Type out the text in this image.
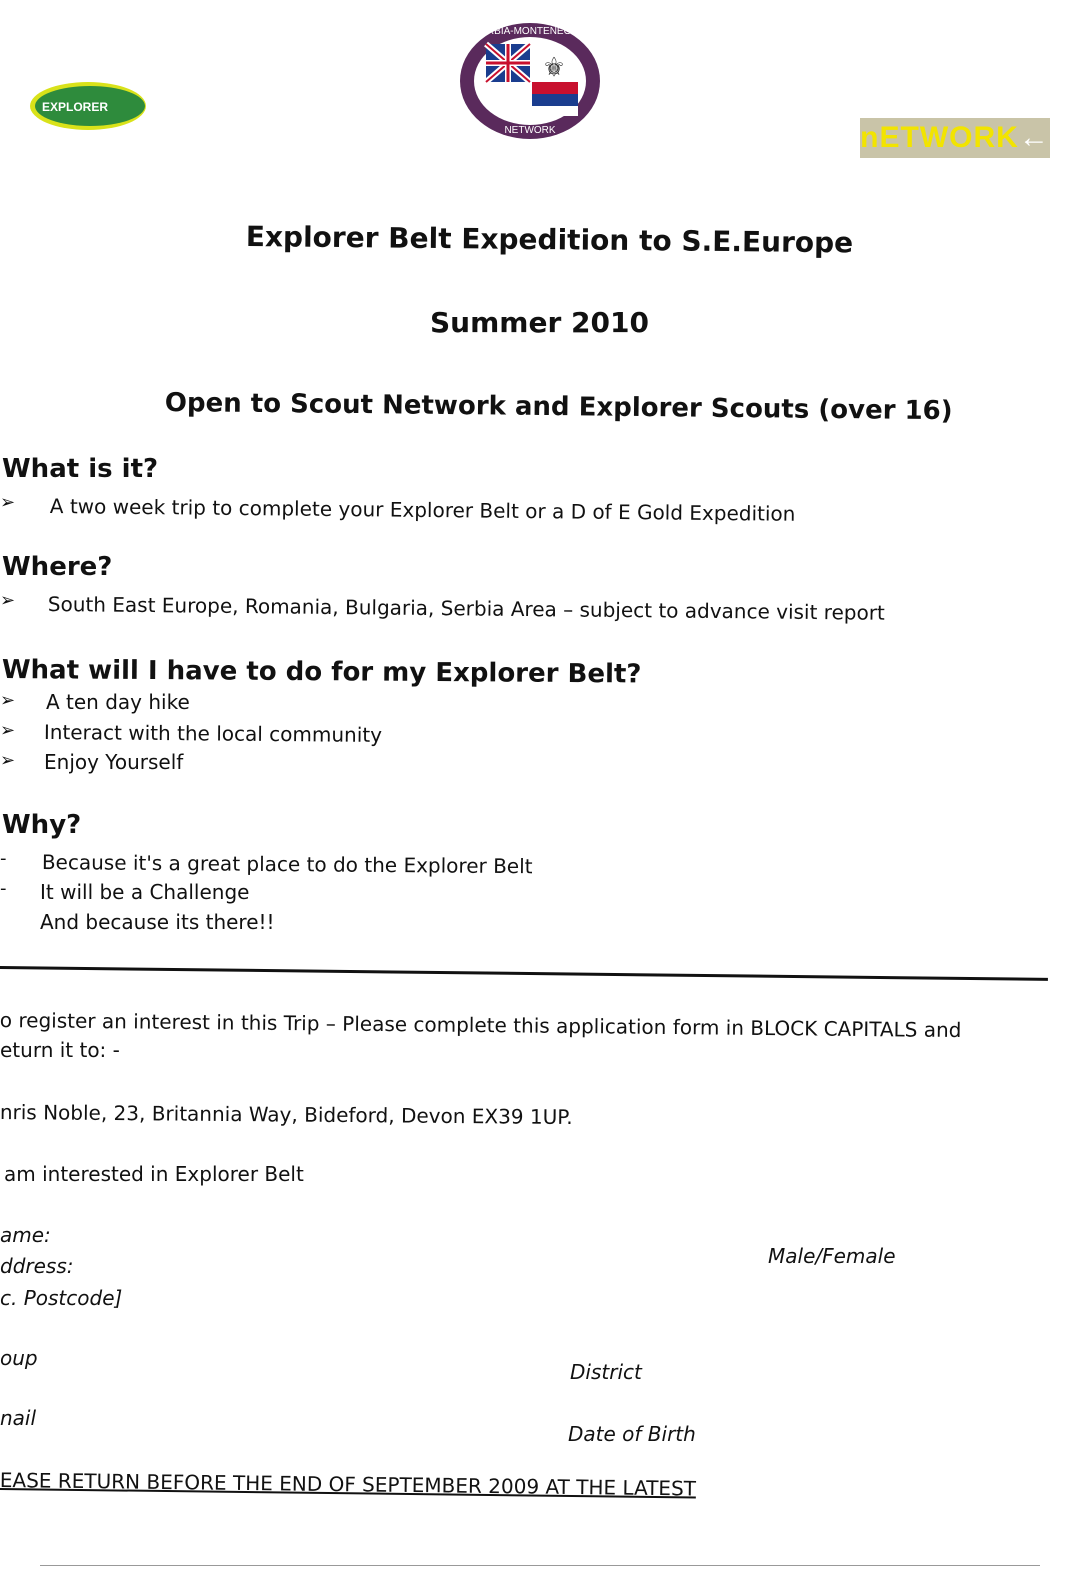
EXPLORER
⚜
SERBIA-MONTENEGRO
NETWORK	nETWORK ←
Explorer Belt Expedition to S.E.Europe
Summer 2010
Open to Scout Network and Explorer Scouts (over 16)
What is it?
➢ A two week trip to complete your Explorer Belt or a D of E Gold Expedition
Where?
➢ South East Europe, Romania, Bulgaria, Serbia Area – subject to advance visit report
What will I have to do for my Explorer Belt?
➢ A ten day hike
➢ Interact with the local community
➢ Enjoy Yourself
Why?
- Because it's a great place to do the Explorer Belt
- It will be a Challenge
And because its there!!
o register an interest in this Trip – Please complete this application form in BLOCK CAPITALS and
eturn it to: -
nris Noble, 23, Britannia Way, Bideford, Devon EX39 1UP.
am interested in Explorer Belt
ame:
ddress:
c. Postcode]
Male/Female
oup
District
nail
Date of Birth
EASE RETURN BEFORE THE END OF SEPTEMBER 2009 AT THE LATEST
